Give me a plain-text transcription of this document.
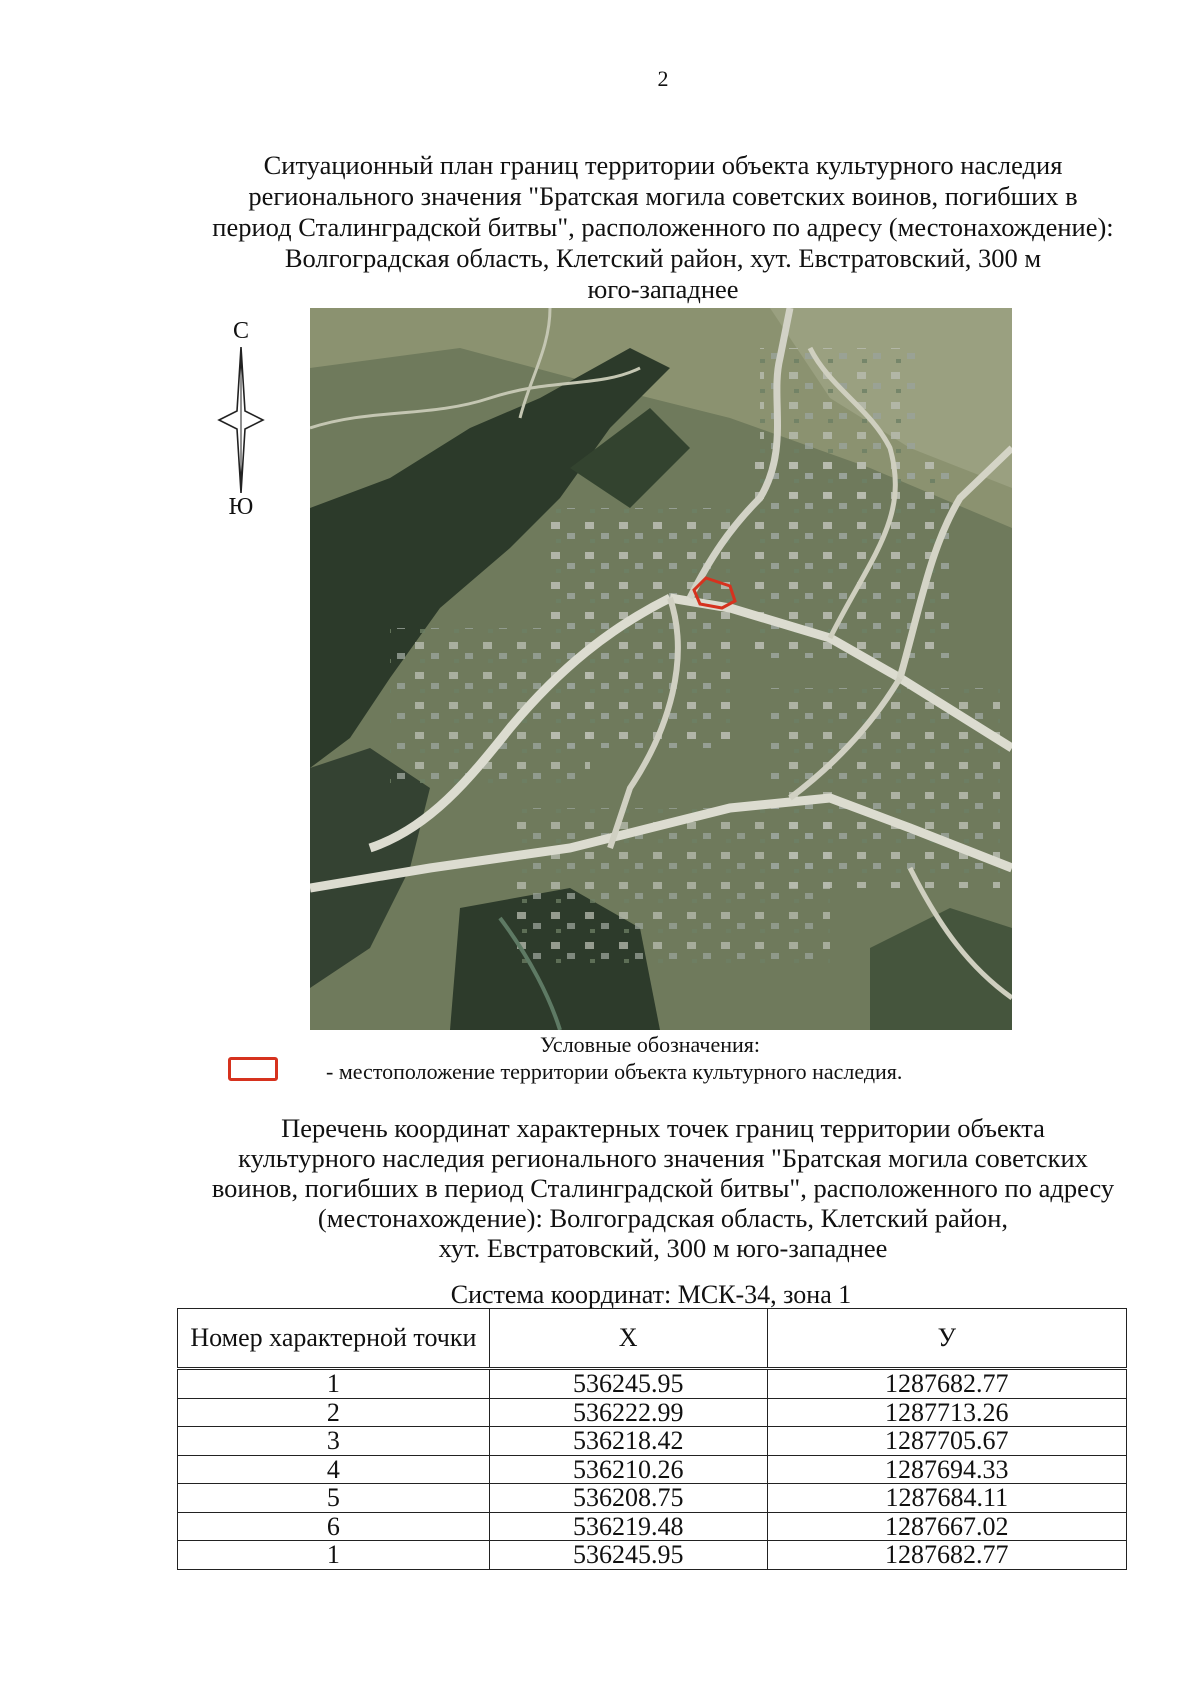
2
Ситуационный план границ территории объекта культурного наследия
регионального значения "Братская могила советских воинов, погибших в
период Сталинградской битвы", расположенного по адресу (местонахождение):
Волгоградская область, Клетский район, хут. Евстратовский, 300 м
юго-западнее
С
Ю
Условные обозначения:
- местоположение территории объекта культурного наследия.
Перечень координат характерных точек границ территории объекта
культурного наследия регионального значения "Братская могила советских
воинов, погибших в период Сталинградской битвы", расположенного по адресу
(местонахождение): Волгоградская область, Клетский район,
хут. Евстратовский, 300 м юго-западнее
Система координат: МСК-34, зона 1
Номер характерной точки	X	У
1	536245.95	1287682.77
2	536222.99	1287713.26
3	536218.42	1287705.67
4	536210.26	1287694.33
5	536208.75	1287684.11
6	536219.48	1287667.02
1	536245.95	1287682.77
